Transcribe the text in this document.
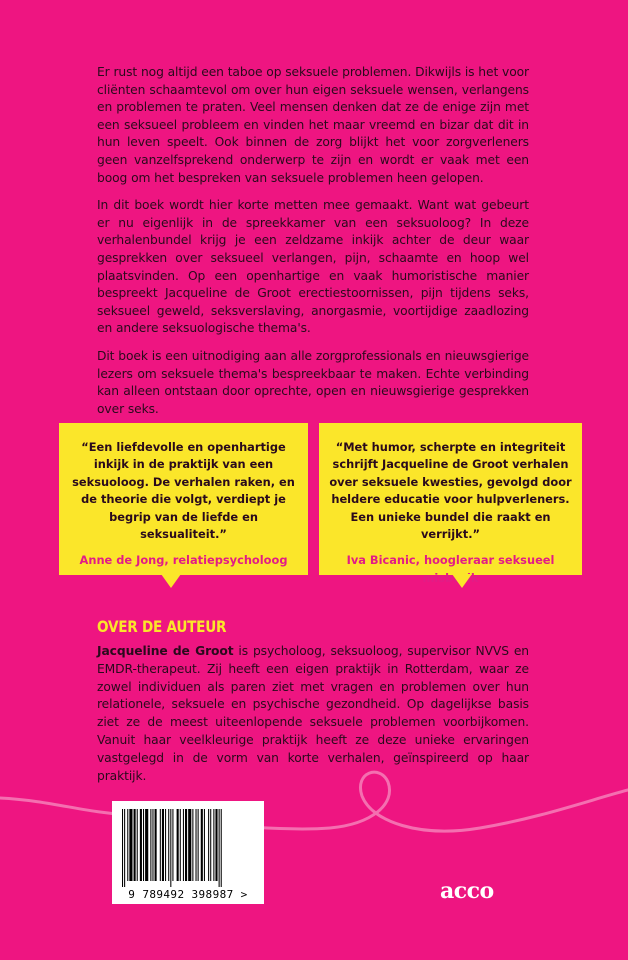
Er rust nog altijd een taboe op seksuele problemen. Dikwijls is het voor cliënten schaamtevol om over hun eigen seksuele wensen, verlangens en problemen te praten. Veel mensen denken dat ze de enige zijn met een seksueel probleem en vinden het maar vreemd en bizar dat dit in hun leven speelt. Ook binnen de zorg blijkt het voor zorgverleners geen vanzelfsprekend onderwerp te zijn en wordt er vaak met een boog om het bespreken van seksuele problemen heen gelopen.

In dit boek wordt hier korte metten mee gemaakt. Want wat gebeurt er nu eigenlijk in de spreekkamer van een seksuoloog? In deze verhalenbundel krijg je een zeldzame inkijk achter de deur waar gesprekken over seksueel verlangen, pijn, schaamte en hoop wel plaatsvinden. Op een openhartige en vaak humoristische manier bespreekt Jacqueline de Groot erectiestoornissen, pijn tijdens seks, seksueel geweld, seksverslaving, anorgasmie, voortijdige zaadlozing en andere seksuologische thema's.

Dit boek is een uitnodiging aan alle zorgprofessionals en nieuwsgierige lezers om seksuele thema's bespreekbaar te maken. Echte verbinding kan alleen ontstaan door oprechte, open en nieuwsgierige gesprekken over seks.

“Een liefdevolle en openhartige inkijk in de praktijk van een seksuoloog. De verhalen raken, en de theorie die volgt, verdiept je begrip van de liefde en seksualiteit.”
Anne de Jong, relatiepsycholoog
“Met humor, scherpte en integriteit schrijft Jacqueline de Groot verhalen over seksuele kwesties, gevolgd door heldere educatie voor hulpverleners. Een unieke bundel die raakt en verrijkt.”
Iva Bicanic, hoogleraar seksueel misbruik
OVER DE AUTEUR
Jacqueline de Groot is psycholoog, seksuoloog, supervisor NVVS en EMDR-therapeut. Zij heeft een eigen praktijk in Rotterdam, waar ze zowel individuen als paren ziet met vragen en problemen over hun relationele, seksuele en psychische gezondheid. Op dagelijkse basis ziet ze de meest uiteenlopende seksuele problemen voorbijkomen. Vanuit haar veelkleurige praktijk heeft ze deze unieke ervaringen vastgelegd in de vorm van korte verhalen, geïnspireerd op haar praktijk.
9 789492 398987 >	acco
